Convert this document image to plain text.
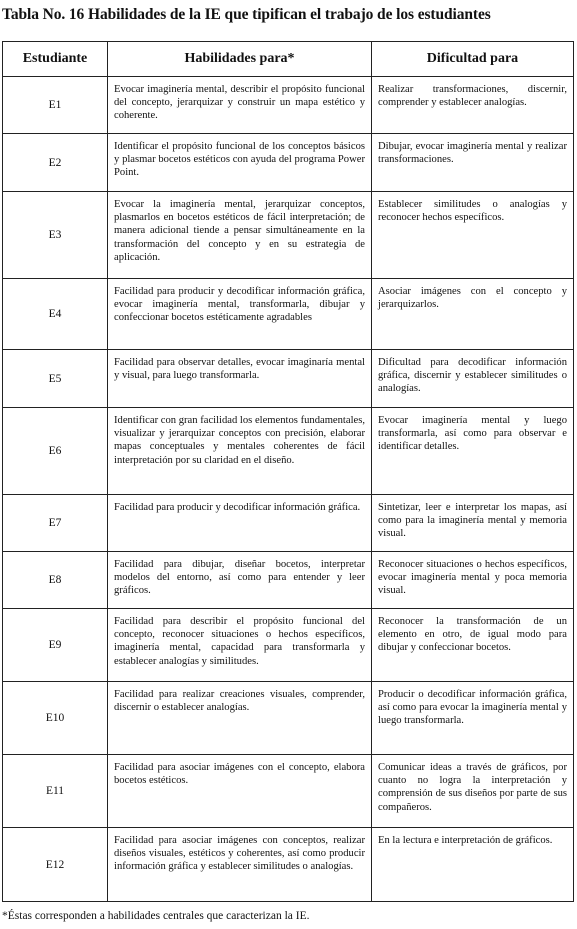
Tabla No. 16 Habilidades de la IE que tipifican el trabajo de los estudiantes
Estudiante	Habilidades para*	Dificultad para
E1	Evocar imaginería mental, describir el propósito funcional del concepto, jerarquizar y construir un mapa estético y coherente.	Realizar transformaciones, discernir, comprender y establecer analogías.
E2	Identificar el propósito funcional de los conceptos básicos y plasmar bocetos estéticos con ayuda del programa Power Point.	Dibujar, evocar imaginería mental y realizar transformaciones.
E3	Evocar la imaginería mental, jerarquizar conceptos, plasmarlos en bocetos estéticos de fácil interpretación; de manera adicional tiende a pensar simultáneamente en la transformación del concepto y en su estrategia de aplicación.	Establecer similitudes o analogías y reconocer hechos específicos.
E4	Facilidad para producir y decodificar información gráfica, evocar imaginería mental, transformarla, dibujar y confeccionar bocetos estéticamente agradables	Asociar imágenes con el concepto y jerarquizarlos.
E5	Facilidad para observar detalles, evocar imaginaría mental y visual, para luego transformarla.	Dificultad para decodificar información gráfica, discernir y establecer similitudes o analogías.
E6	Identificar con gran facilidad los elementos fundamentales, visualizar y jerarquizar conceptos con precisión, elaborar mapas conceptuales y mentales coherentes de fácil interpretación por su claridad en el diseño.	Evocar imaginería mental y luego transformarla, así como para observar e identificar detalles.
E7	Facilidad para producir y decodificar información gráfica.	Sintetizar, leer e interpretar los mapas, así como para la imaginería mental y memoria visual.
E8	Facilidad para dibujar, diseñar bocetos, interpretar modelos del entorno, así como para entender y leer gráficos.	Reconocer situaciones o hechos específicos, evocar imaginería mental y poca memoria visual.
E9	Facilidad para describir el propósito funcional del concepto, reconocer situaciones o hechos específicos, imaginería mental, capacidad para transformarla y establecer analogías y similitudes.	Reconocer la transformación de un elemento en otro, de igual modo para dibujar y confeccionar bocetos.
E10	Facilidad para realizar creaciones visuales, comprender, discernir o establecer analogías.	Producir o decodificar información gráfica, así como para evocar la imaginería mental y luego transformarla.
E11	Facilidad para asociar imágenes con el concepto, elabora bocetos estéticos.	Comunicar ideas a través de gráficos, por cuanto no logra la interpretación y comprensión de sus diseños por parte de sus compañeros.
E12	Facilidad para asociar imágenes con conceptos, realizar diseños visuales, estéticos y coherentes, así como producir información gráfica y establecer similitudes o analogías.	En la lectura e interpretación de gráficos.
*Éstas corresponden a habilidades centrales que caracterizan la IE.
